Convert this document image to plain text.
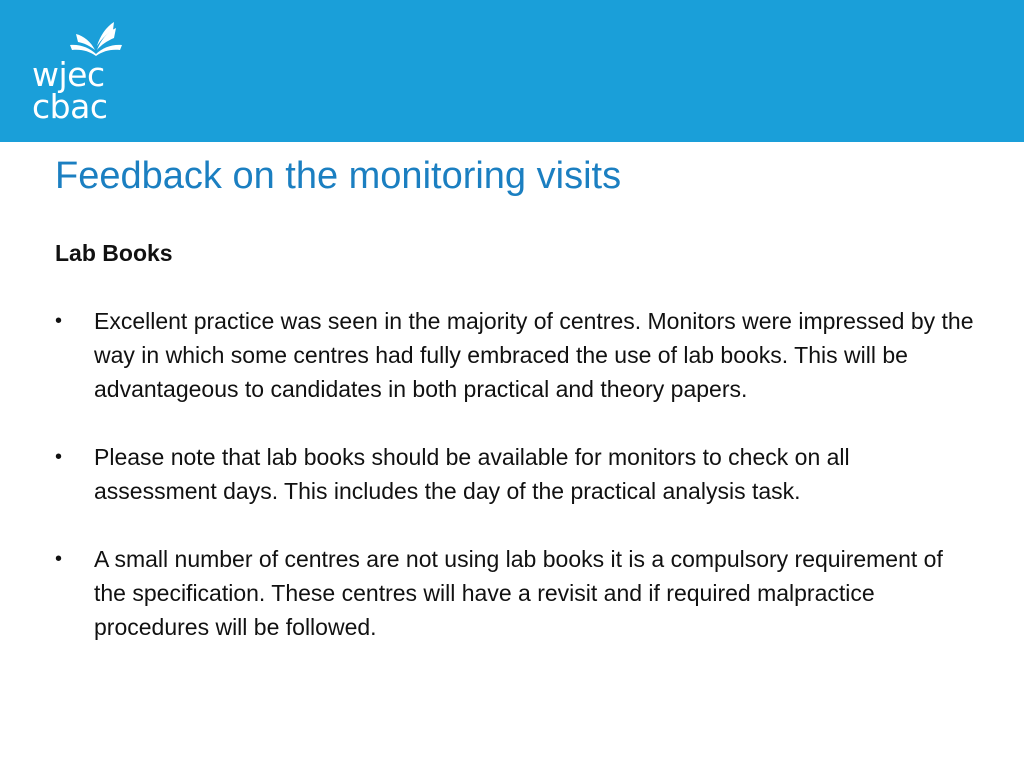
wjec
cbac
Feedback on the monitoring visits
Lab Books
• Excellent practice was seen in the majority of centres. Monitors were impressed by the way in which some centres had fully embraced the use of lab books. This will be advantageous to candidates in both practical and theory papers.
• Please note that lab books should be available for monitors to check on all assessment days. This includes the day of the practical analysis task.
• A small number of centres are not using lab books it is a compulsory requirement of the specification. These centres will have a revisit and if required malpractice procedures will be followed.
